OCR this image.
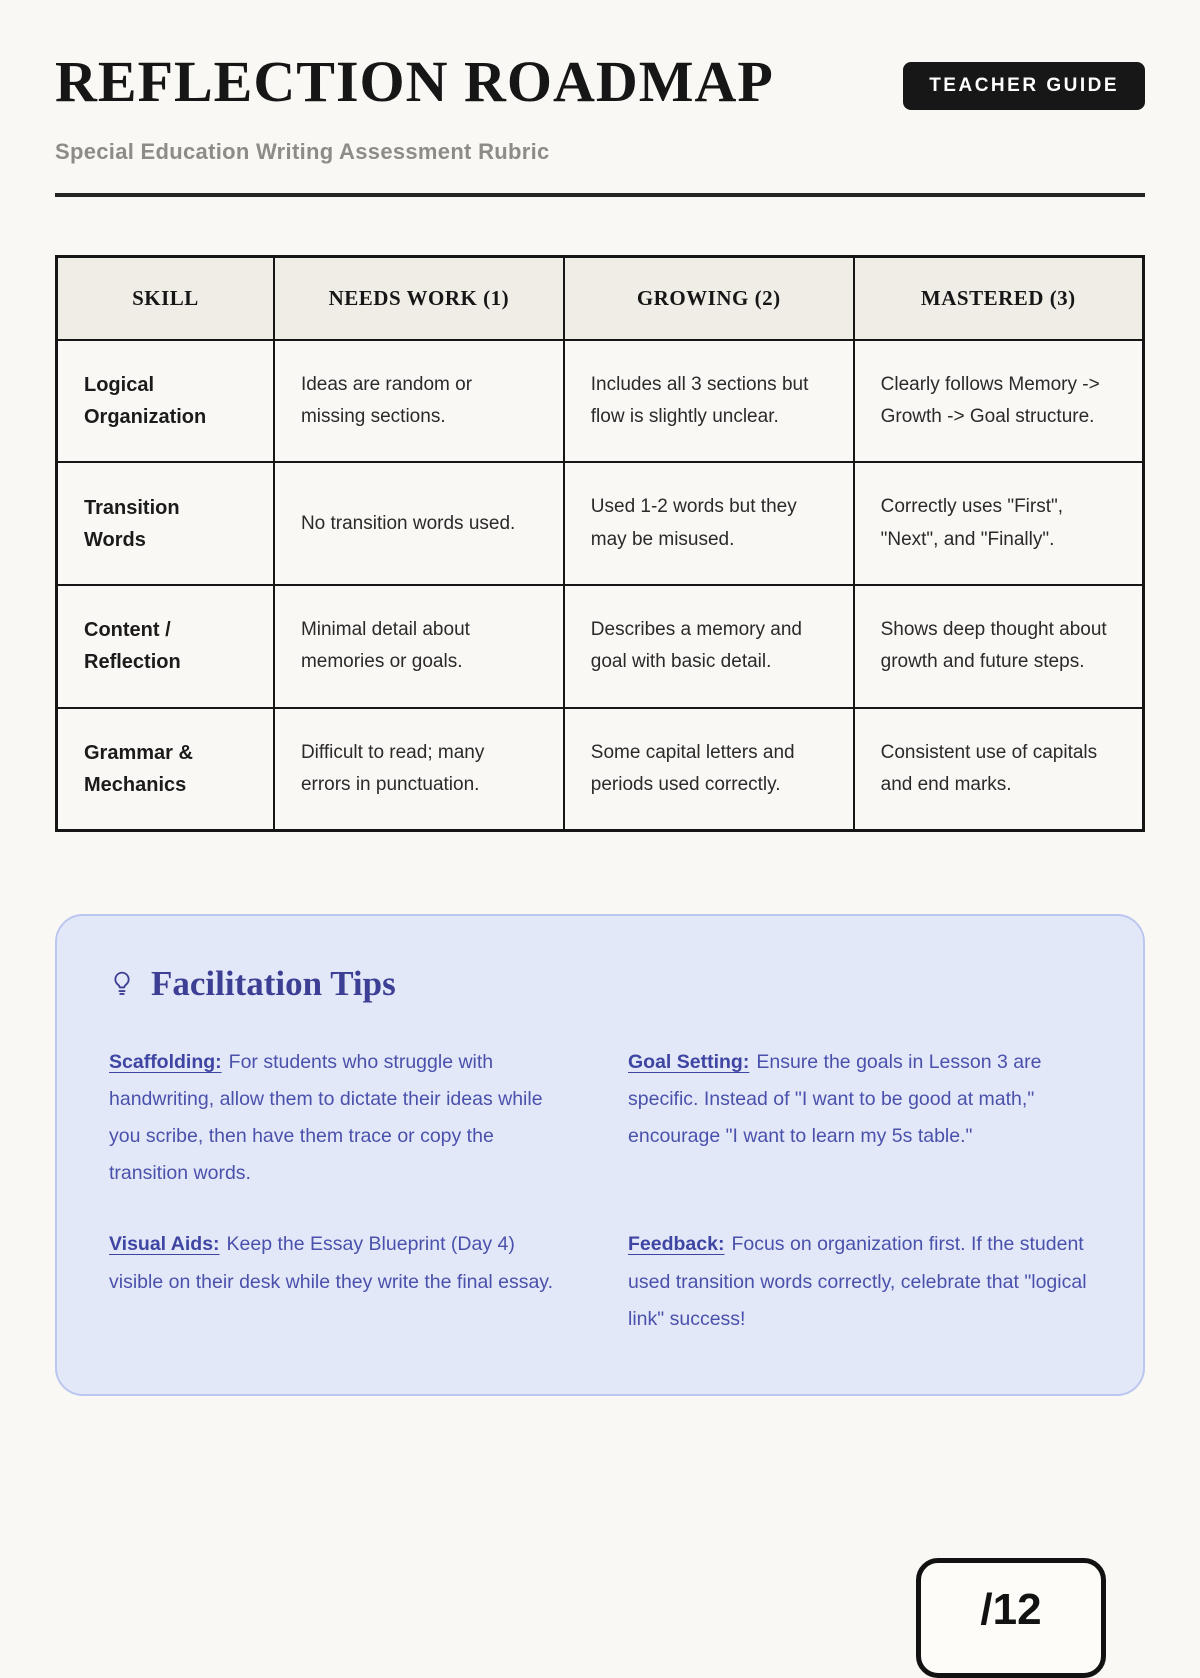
REFLECTION ROADMAP	TEACHER GUIDE
Special Education Writing Assessment Rubric
SKILL	NEEDS WORK (1)	GROWING (2)	MASTERED (3)
Logical Organization	Ideas are random or missing sections.	Includes all 3 sections but flow is slightly unclear.	Clearly follows Memory -> Growth -> Goal structure.
Transition Words	No transition words used.	Used 1-2 words but they may be misused.	Correctly uses "First", "Next", and "Finally".
Content / Reflection	Minimal detail about memories or goals.	Describes a memory and goal with basic detail.	Shows deep thought about growth and future steps.
Grammar & Mechanics	Difficult to read; many errors in punctuation.	Some capital letters and periods used correctly.	Consistent use of capitals and end marks.
Facilitation Tips

Scaffolding: For students who struggle with handwriting, allow them to dictate their ideas while you scribe, then have them trace or copy the transition words.

Goal Setting: Ensure the goals in Lesson 3 are specific. Instead of "I want to be good at math," encourage "I want to learn my 5s table."

Visual Aids: Keep the Essay Blueprint (Day 4) visible on their desk while they write the final essay.

Feedback: Focus on organization first. If the student used transition words correctly, celebrate that "logical link" success!

/12
